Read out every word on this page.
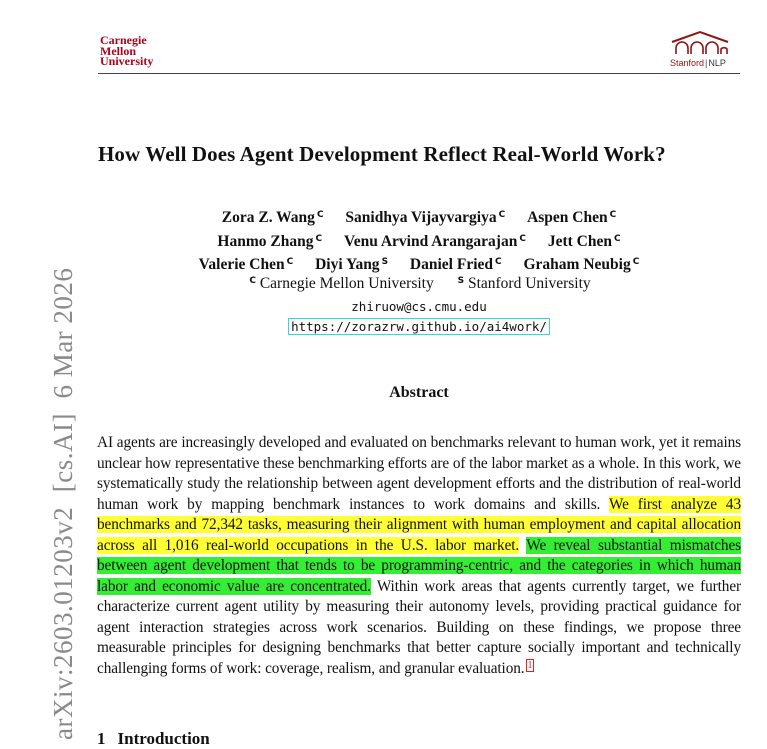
Carnegie
Mellon
University	Stanford|NLP
arXiv:2603.01203v2  [cs.AI]  6 Mar 2026
How Well Does Agent Development Reflect Real-World Work?
Zora Z. Wang $^C$ Sanidhya Vijayvargiya $^C$ Aspen Chen $^C$
Hanmo Zhang $^C$ Venu Arvind Arangarajan $^C$ Jett Chen $^C$
Valerie Chen $^C$ Diyi Yang $^S$ Daniel Fried $^C$ Graham Neubig $^C$
$^C$ Carnegie Mellon University	$^S$ Stanford University
zhiruow@cs.cmu.edu
https://zorazrw.github.io/ai4work/
Abstract
AI agents are increasingly developed and evaluated on benchmarks relevant to human work, yet it remains unclear how representative these benchmarking efforts are of the labor market as a whole. In this work, we systematically study the relationship between agent development efforts and the distribution of real-world human work by mapping benchmark instances to work domains and skills. We first analyze 43 benchmarks and 72,342 tasks, measuring their alignment with human employment and capital allocation across all 1,016 real-world occupations in the U.S. labor market. We reveal substantial mismatches between agent development that tends to be programming-centric, and the categories in which human labor and economic value are concentrated. Within work areas that agents currently target, we further characterize current agent utility by measuring their autonomy levels, providing practical guidance for agent interaction strategies across work scenarios. Building on these findings, we propose three measurable principles for designing benchmarks that better capture socially important and technically challenging forms of work: coverage, realism, and granular evaluation. 1
1 Introduction
